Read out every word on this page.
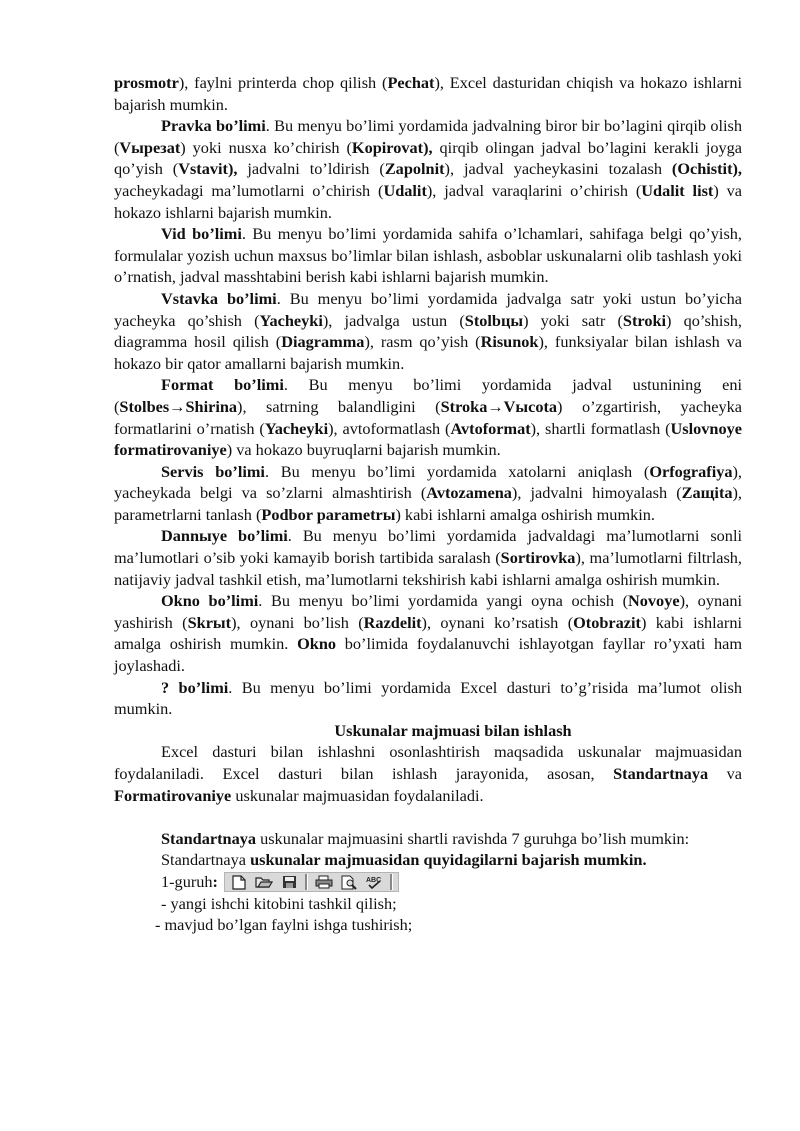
prosmotr), faylni printerda chop qilish (Pechat), Excel dasturidan chiqish va hokazo ishlarni bajarish mumkin.

Pravka bo’limi. Bu menyu bo’limi yordamida jadvalning biror bir bo’lagini qirqib olish (Vырезаt) yoki nusxa ko’chirish (Kopirovat), qirqib olingan jadval bo’lagini kerakli joyga qo’yish (Vstavit), jadvalni to’ldirish (Zapolnit), jadval yacheykasini tozalash (Ochistit), yacheykadagi ma’lumotlarni o’chirish (Udalit), jadval varaqlarini o’chirish (Udalit list) va hokazo ishlarni bajarish mumkin.

Vid bo’limi. Bu menyu bo’limi yordamida sahifa o’lchamlari, sahifaga belgi qo’yish, formulalar yozish uchun maxsus bo’limlar bilan ishlash, asboblar uskunalarni olib tashlash yoki o’rnatish, jadval masshtabini berish kabi ishlarni bajarish mumkin.

Vstavka bo’limi. Bu menyu bo’limi yordamida jadvalga satr yoki ustun bo’yicha yacheyka qo’shish (Yacheyki), jadvalga ustun (Stolbцы) yoki satr (Stroki) qo’shish, diagramma hosil qilish (Diagramma), rasm qo’yish (Risunok), funksiyalar bilan ishlash va hokazo bir qator amallarni bajarish mumkin.

Format bo’limi. Bu menyu bo’limi yordamida jadval ustunining eni (Stolbes→Shirina), satrning balandligini (Stroka→Vысota) o’zgartirish, yacheyka formatlarini o’rnatish (Yacheyki), avtoformatlash (Avtoformat), shartli formatlash (Uslovnoye formatirovaniye) va hokazo buyruqlarni bajarish mumkin.

Servis bo’limi. Bu menyu bo’limi yordamida xatolarni aniqlash (Orfografiya), yacheykada belgi va so’zlarni almashtirish (Avtozamena), jadvalni himoyalash (Zaщita), parametrlarni tanlash (Podbor parametrы) kabi ishlarni amalga oshirish mumkin.

Dannыye bo’limi. Bu menyu bo’limi yordamida jadvaldagi ma’lumotlarni sonli ma’lumotlari o’sib yoki kamayib borish tartibida saralash (Sortirovka), ma’lumotlarni filtrlash, natijaviy jadval tashkil etish, ma’lumotlarni tekshirish kabi ishlarni amalga oshirish mumkin.

Okno bo’limi. Bu menyu bo’limi yordamida yangi oyna ochish (Novoye), oynani yashirish (Skrыt), oynani bo’lish (Razdelit), oynani ko’rsatish (Otobrazit) kabi ishlarni amalga oshirish mumkin. Okno bo’limida foydalanuvchi ishlayotgan fayllar ro’yxati ham joylashadi.

? bo’limi. Bu menyu bo’limi yordamida Excel dasturi to’g’risida ma’lumot olish mumkin.

Uskunalar majmuasi bilan ishlash

Excel dasturi bilan ishlashni osonlashtirish maqsadida uskunalar majmuasidan foydalaniladi. Excel dasturi bilan ishlash jarayonida, asosan, Standartnaya va Formatirovaniye uskunalar majmuasidan foydalaniladi.

Standartnaya uskunalar majmuasini shartli ravishda 7 guruhga bo’lish mumkin:

Standartnaya uskunalar majmuasidan quyidagilarni bajarish mumkin.
1-guruh:	ABC
- yangi ishchi kitobini tashkil qilish;
- mavjud bo’lgan faylni ishga tushirish;
